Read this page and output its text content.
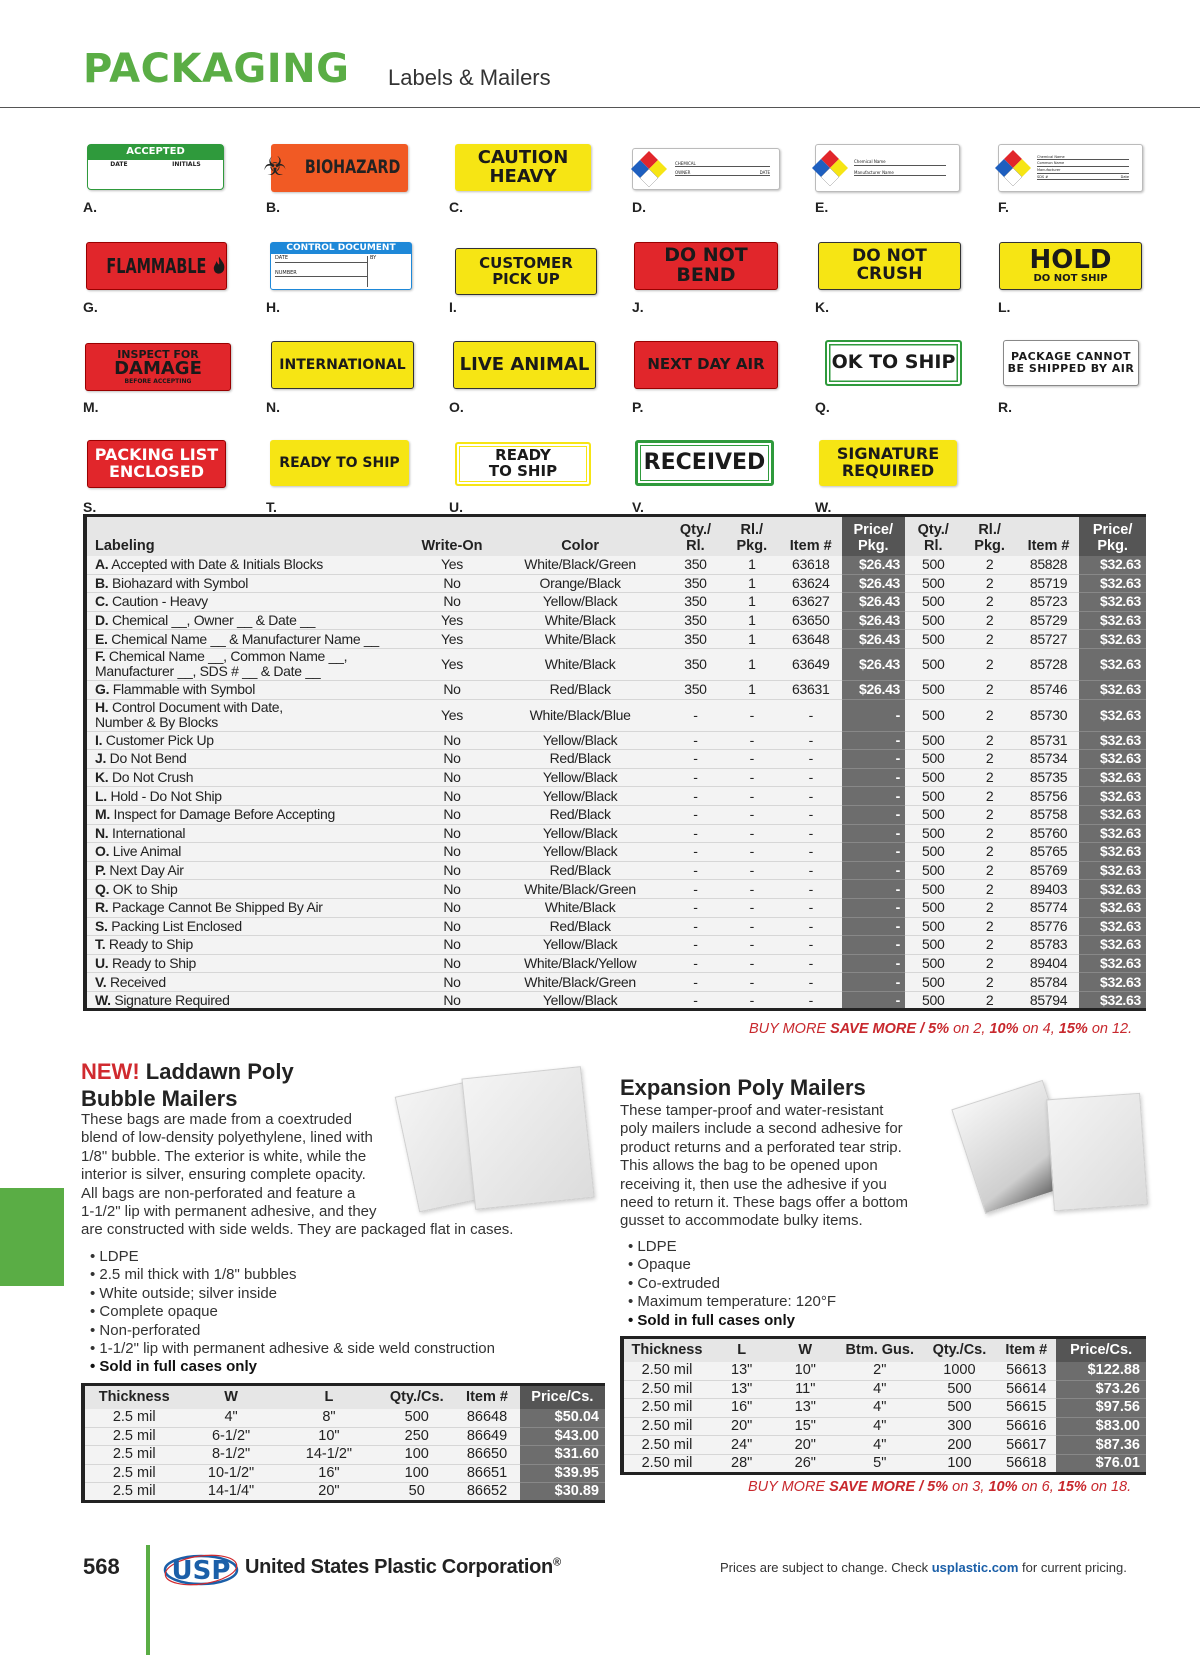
PACKAGING Labels & Mailers
ACCEPTED
DATE	INITIALS
A.
☣ BIOHAZARD
B.
CAUTION
HEAVY
C.
CHEMICAL
OWNER	DATE
D.
Chemical Name
Manufacturer Name
E.
Chemical Name
Common Name
Manufacturer
SDS #	Date
F.
FLAMMABLE
G.
CONTROL DOCUMENT
DATE
NUMBER
BY
H.
CUSTOMER
PICK UP
I.
DO NOT
BEND
J.
DO NOT
CRUSH
K.
HOLD
DO NOT SHIP
L.
INSPECT FOR
DAMAGE
BEFORE ACCEPTING
M.
INTERNATIONAL
N.
LIVE ANIMAL
O.
NEXT DAY AIR
P.
OK TO SHIP
Q.
PACKAGE CANNOT
BE SHIPPED BY AIR
R.
PACKING LIST
ENCLOSED
S.
READY TO SHIP
T.
READY
TO SHIP
U.
RECEIVED
V.
SIGNATURE
REQUIRED
W.
Labeling	Write-On	Color	Qty./ Rl.	Rl./ Pkg.	Item #	Price/ Pkg.	Qty./ Rl.	Rl./ Pkg.	Item #	Price/ Pkg.
A. Accepted with Date & Initials Blocks	Yes	White/Black/Green	350	1	63618	$26.43	500	2	85828	$32.63
B. Biohazard with Symbol	No	Orange/Black	350	1	63624	$26.43	500	2	85719	$32.63
C. Caution - Heavy	No	Yellow/Black	350	1	63627	$26.43	500	2	85723	$32.63
D. Chemical __, Owner __ & Date __	Yes	White/Black	350	1	63650	$26.43	500	2	85729	$32.63
E. Chemical Name __ & Manufacturer Name __	Yes	White/Black	350	1	63648	$26.43	500	2	85727	$32.63
F. Chemical Name __, Common Name __,
Manufacturer __, SDS # __ & Date __	Yes	White/Black	350	1	63649	$26.43	500	2	85728	$32.63
G. Flammable with Symbol	No	Red/Black	350	1	63631	$26.43	500	2	85746	$32.63
H. Control Document with Date,
Number & By Blocks	Yes	White/Black/Blue	-	-	-	-	500	2	85730	$32.63
I. Customer Pick Up	No	Yellow/Black	-	-	-	-	500	2	85731	$32.63
J. Do Not Bend	No	Red/Black	-	-	-	-	500	2	85734	$32.63
K. Do Not Crush	No	Yellow/Black	-	-	-	-	500	2	85735	$32.63
L. Hold - Do Not Ship	No	Yellow/Black	-	-	-	-	500	2	85756	$32.63
M. Inspect for Damage Before Accepting	No	Red/Black	-	-	-	-	500	2	85758	$32.63
N. International	No	Yellow/Black	-	-	-	-	500	2	85760	$32.63
O. Live Animal	No	Yellow/Black	-	-	-	-	500	2	85765	$32.63
P. Next Day Air	No	Red/Black	-	-	-	-	500	2	85769	$32.63
Q. OK to Ship	No	White/Black/Green	-	-	-	-	500	2	89403	$32.63
R. Package Cannot Be Shipped By Air	No	White/Black	-	-	-	-	500	2	85774	$32.63
S. Packing List Enclosed	No	Red/Black	-	-	-	-	500	2	85776	$32.63
T. Ready to Ship	No	Yellow/Black	-	-	-	-	500	2	85783	$32.63
U. Ready to Ship	No	White/Black/Yellow	-	-	-	-	500	2	89404	$32.63
V. Received	No	White/Black/Green	-	-	-	-	500	2	85784	$32.63
W. Signature Required	No	Yellow/Black	-	-	-	-	500	2	85794	$32.63
BUY MORE SAVE MORE / 5% on 2, 10% on 4, 15% on 12.
NEW! Laddawn Poly
Bubble Mailers
These bags are made from a coextruded
blend of low-density polyethylene, lined with
1/8" bubble. The exterior is white, while the
interior is silver, ensuring complete opacity.
All bags are non-perforated and feature a
1-1/2" lip with permanent adhesive, and they
are constructed with side welds. They are packaged flat in cases.
• LDPE
• 2.5 mil thick with 1/8" bubbles
• White outside; silver inside
• Complete opaque
• Non-perforated
• 1-1/2" lip with permanent adhesive & side weld construction
• Sold in full cases only
Thickness	W	L	Qty./Cs.	Item #	Price/Cs.
2.5 mil	4"	8"	500	86648	$50.04
2.5 mil	6-1/2"	10"	250	86649	$43.00
2.5 mil	8-1/2"	14-1/2"	100	86650	$31.60
2.5 mil	10-1/2"	16"	100	86651	$39.95
2.5 mil	14-1/4"	20"	50	86652	$30.89
Expansion Poly Mailers
These tamper-proof and water-resistant
poly mailers include a second adhesive for
product returns and a perforated tear strip.
This allows the bag to be opened upon
receiving it, then use the adhesive if you
need to return it. These bags offer a bottom
gusset to accommodate bulky items.
• LDPE
• Opaque
• Co-extruded
• Maximum temperature: 120°F
• Sold in full cases only
Thickness	L	W	Btm. Gus.	Qty./Cs.	Item #	Price/Cs.
2.50 mil	13"	10"	2"	1000	56613	$122.88
2.50 mil	13"	11"	4"	500	56614	$73.26
2.50 mil	16"	13"	4"	500	56615	$97.56
2.50 mil	20"	15"	4"	300	56616	$83.00
2.50 mil	24"	20"	4"	200	56617	$87.36
2.50 mil	28"	26"	5"	100	56618	$76.01
BUY MORE SAVE MORE / 5% on 3, 10% on 6, 15% on 18.
568 USP United States Plastic Corporation®	Prices are subject to change. Check usplastic.com for current pricing.
